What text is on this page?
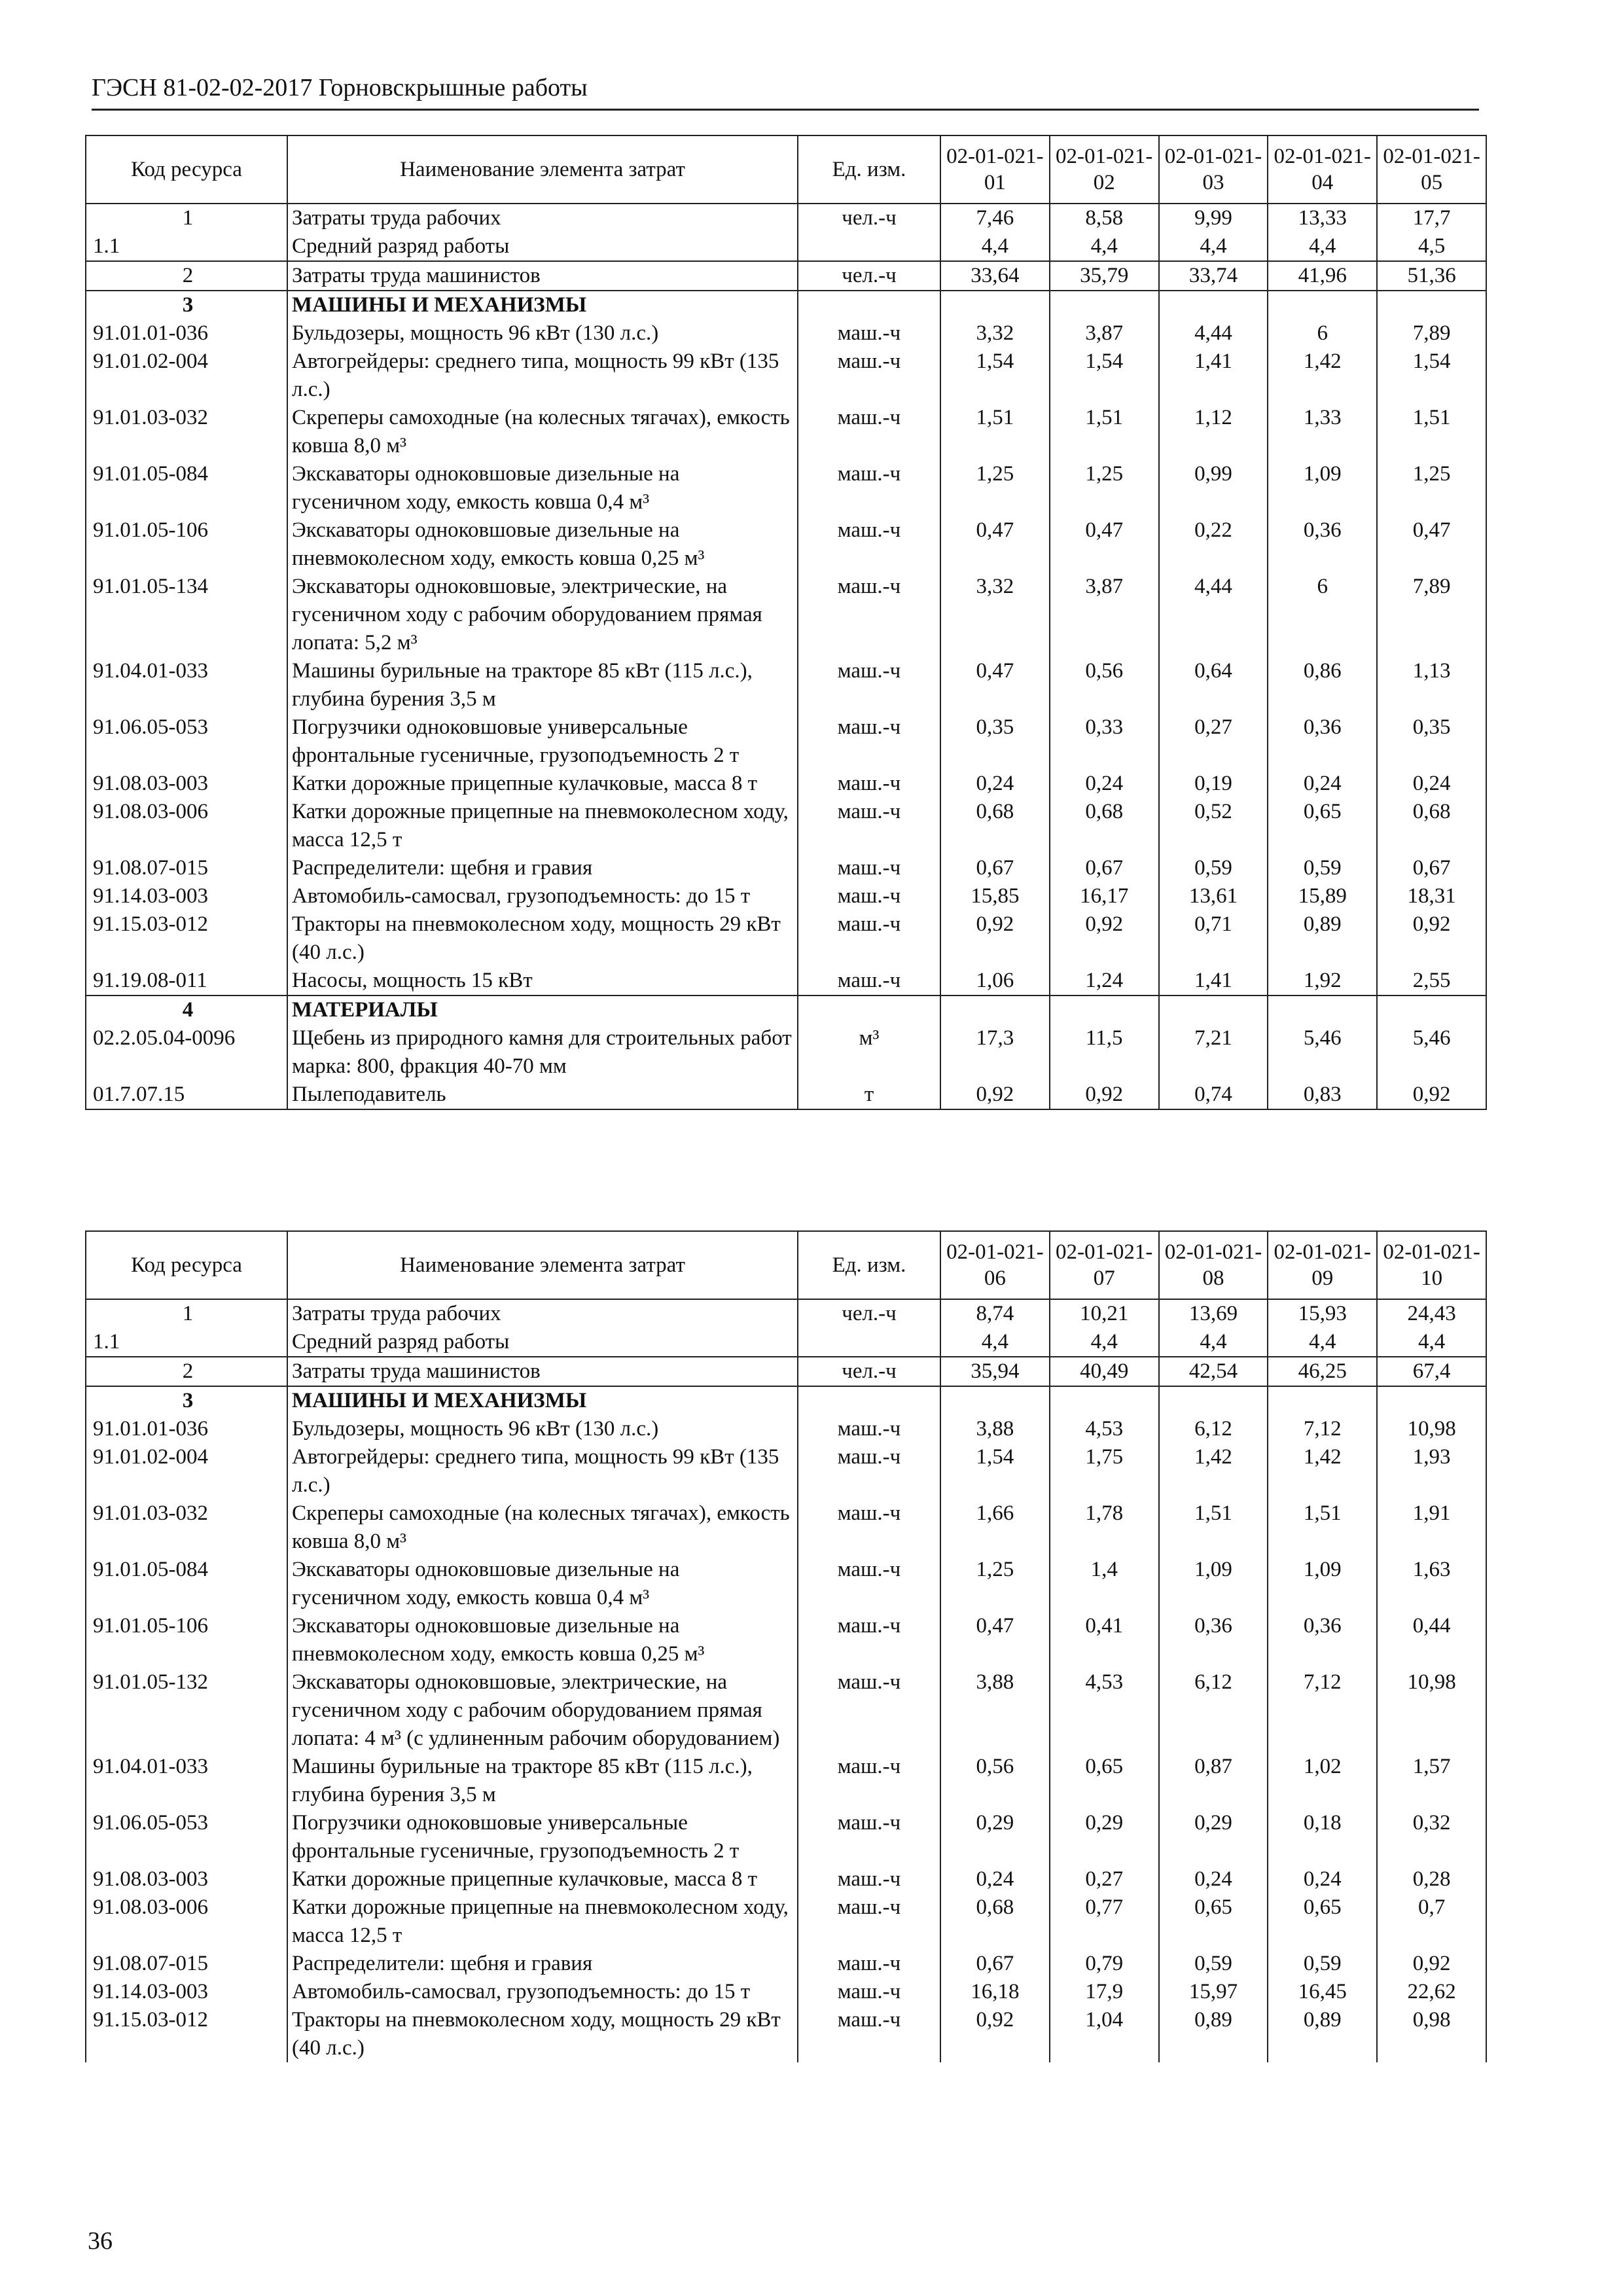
ГЭСН 81-02-02-2017 Горновскрышные работы
Код ресурса	Наименование элемента затрат	Ед. изм.	02-01-021-01	02-01-021-02	02-01-021-03	02-01-021-04	02-01-021-05
1	Затраты труда рабочих	чел.-ч	7,46	8,58	9,99	13,33	17,7
1.1	Средний разряд работы		4,4	4,4	4,4	4,4	4,5
2	Затраты труда машинистов	чел.-ч	33,64	35,79	33,74	41,96	51,36
3	МАШИНЫ И МЕХАНИЗМЫ						
91.01.01-036	Бульдозеры, мощность 96 кВт (130 л.с.)	маш.-ч	3,32	3,87	4,44	6	7,89
91.01.02-004	Автогрейдеры: среднего типа, мощность 99 кВт (135 л.с.)	маш.-ч	1,54	1,54	1,41	1,42	1,54
91.01.03-032	Скреперы самоходные (на колесных тягачах), емкость ковша 8,0 м³	маш.-ч	1,51	1,51	1,12	1,33	1,51
91.01.05-084	Экскаваторы одноковшовые дизельные на гусеничном ходу, емкость ковша 0,4 м³	маш.-ч	1,25	1,25	0,99	1,09	1,25
91.01.05-106	Экскаваторы одноковшовые дизельные на пневмоколесном ходу, емкость ковша 0,25 м³	маш.-ч	0,47	0,47	0,22	0,36	0,47
91.01.05-134	Экскаваторы одноковшовые, электрические, на гусеничном ходу с рабочим оборудованием прямая лопата: 5,2 м³	маш.-ч	3,32	3,87	4,44	6	7,89
91.04.01-033	Машины бурильные на тракторе 85 кВт (115 л.с.), глубина бурения 3,5 м	маш.-ч	0,47	0,56	0,64	0,86	1,13
91.06.05-053	Погрузчики одноковшовые универсальные фронтальные гусеничные, грузоподъемность 2 т	маш.-ч	0,35	0,33	0,27	0,36	0,35
91.08.03-003	Катки дорожные прицепные кулачковые, масса 8 т	маш.-ч	0,24	0,24	0,19	0,24	0,24
91.08.03-006	Катки дорожные прицепные на пневмоколесном ходу, масса 12,5 т	маш.-ч	0,68	0,68	0,52	0,65	0,68
91.08.07-015	Распределители: щебня и гравия	маш.-ч	0,67	0,67	0,59	0,59	0,67
91.14.03-003	Автомобиль-самосвал, грузоподъемность: до 15 т	маш.-ч	15,85	16,17	13,61	15,89	18,31
91.15.03-012	Тракторы на пневмоколесном ходу, мощность 29 кВт (40 л.с.)	маш.-ч	0,92	0,92	0,71	0,89	0,92
91.19.08-011	Насосы, мощность 15 кВт	маш.-ч	1,06	1,24	1,41	1,92	2,55
4	МАТЕРИАЛЫ						
02.2.05.04-0096	Щебень из природного камня для строительных работ марка: 800, фракция 40-70 мм	м³	17,3	11,5	7,21	5,46	5,46
01.7.07.15	Пылеподавитель	т	0,92	0,92	0,74	0,83	0,92
Код ресурса	Наименование элемента затрат	Ед. изм.	02-01-021-06	02-01-021-07	02-01-021-08	02-01-021-09	02-01-021-10
1	Затраты труда рабочих	чел.-ч	8,74	10,21	13,69	15,93	24,43
1.1	Средний разряд работы		4,4	4,4	4,4	4,4	4,4
2	Затраты труда машинистов	чел.-ч	35,94	40,49	42,54	46,25	67,4
3	МАШИНЫ И МЕХАНИЗМЫ						
91.01.01-036	Бульдозеры, мощность 96 кВт (130 л.с.)	маш.-ч	3,88	4,53	6,12	7,12	10,98
91.01.02-004	Автогрейдеры: среднего типа, мощность 99 кВт (135 л.с.)	маш.-ч	1,54	1,75	1,42	1,42	1,93
91.01.03-032	Скреперы самоходные (на колесных тягачах), емкость ковша 8,0 м³	маш.-ч	1,66	1,78	1,51	1,51	1,91
91.01.05-084	Экскаваторы одноковшовые дизельные на гусеничном ходу, емкость ковша 0,4 м³	маш.-ч	1,25	1,4	1,09	1,09	1,63
91.01.05-106	Экскаваторы одноковшовые дизельные на пневмоколесном ходу, емкость ковша 0,25 м³	маш.-ч	0,47	0,41	0,36	0,36	0,44
91.01.05-132	Экскаваторы одноковшовые, электрические, на гусеничном ходу с рабочим оборудованием прямая лопата: 4 м³ (с удлиненным рабочим оборудованием)	маш.-ч	3,88	4,53	6,12	7,12	10,98
91.04.01-033	Машины бурильные на тракторе 85 кВт (115 л.с.), глубина бурения 3,5 м	маш.-ч	0,56	0,65	0,87	1,02	1,57
91.06.05-053	Погрузчики одноковшовые универсальные фронтальные гусеничные, грузоподъемность 2 т	маш.-ч	0,29	0,29	0,29	0,18	0,32
91.08.03-003	Катки дорожные прицепные кулачковые, масса 8 т	маш.-ч	0,24	0,27	0,24	0,24	0,28
91.08.03-006	Катки дорожные прицепные на пневмоколесном ходу, масса 12,5 т	маш.-ч	0,68	0,77	0,65	0,65	0,7
91.08.07-015	Распределители: щебня и гравия	маш.-ч	0,67	0,79	0,59	0,59	0,92
91.14.03-003	Автомобиль-самосвал, грузоподъемность: до 15 т	маш.-ч	16,18	17,9	15,97	16,45	22,62
91.15.03-012	Тракторы на пневмоколесном ходу, мощность 29 кВт (40 л.с.)	маш.-ч	0,92	1,04	0,89	0,89	0,98
36
